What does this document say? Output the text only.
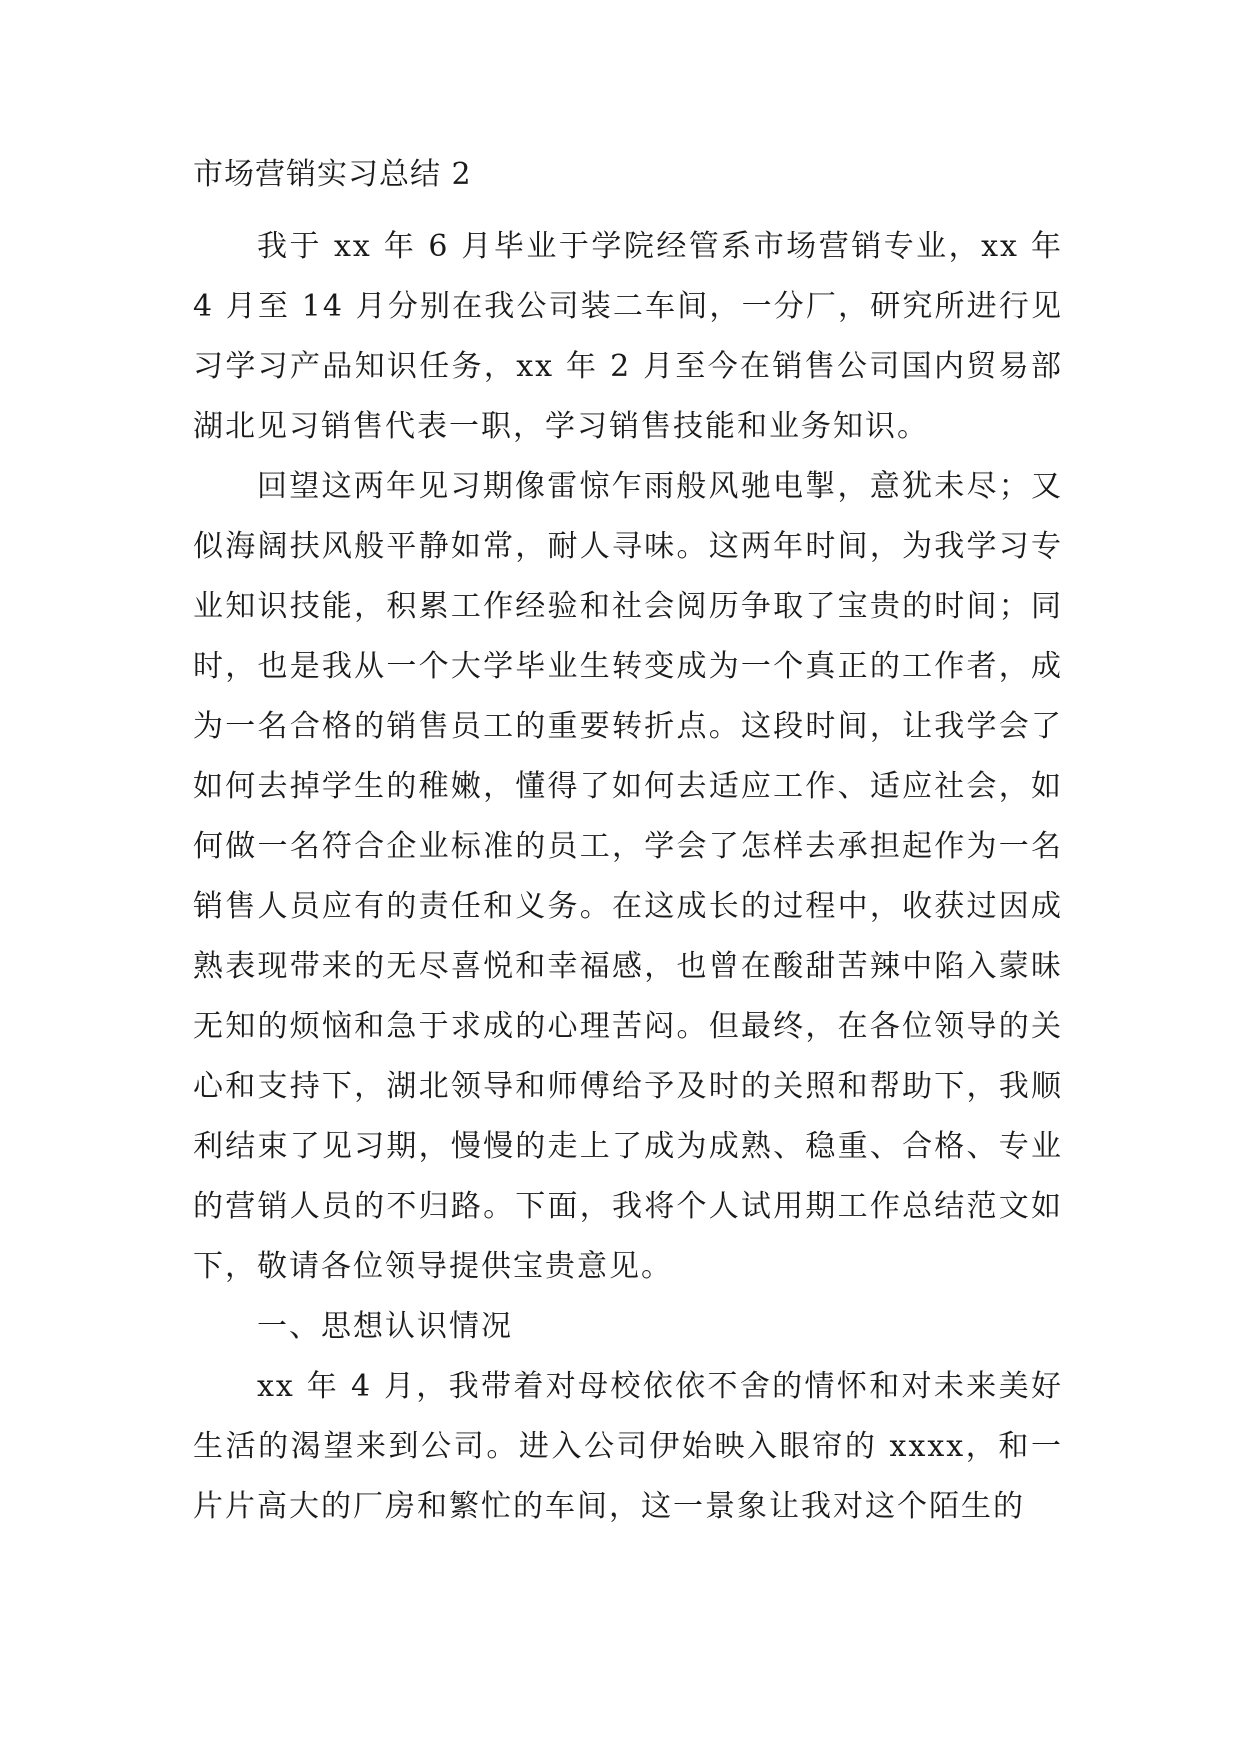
市场营销实习总结 2

我于 xx 年 6 月毕业于学院经管系市场营销专业，xx 年 4 月至 14 月分别在我公司装二车间，一分厂，研究所进行见习学习产品知识任务，xx 年 2 月至今在销售公司国内贸易部湖北见习销售代表一职，学习销售技能和业务知识。

回望这两年见习期像雷惊乍雨般风驰电掣，意犹未尽；又似海阔扶风般平静如常，耐人寻味。这两年时间，为我学习专业知识技能，积累工作经验和社会阅历争取了宝贵的时间；同时，也是我从一个大学毕业生转变成为一个真正的工作者，成为一名合格的销售员工的重要转折点。这段时间，让我学会了如何去掉学生的稚嫩，懂得了如何去适应工作、适应社会，如何做一名符合企业标准的员工，学会了怎样去承担起作为一名销售人员应有的责任和义务。在这成长的过程中，收获过因成熟表现带来的无尽喜悦和幸福感，也曾在酸甜苦辣中陷入蒙昧无知的烦恼和急于求成的心理苦闷。但最终，在各位领导的关心和支持下，湖北领导和师傅给予及时的关照和帮助下，我顺利结束了见习期，慢慢的走上了成为成熟、稳重、合格、专业的营销人员的不归路。下面，我将个人试用期工作总结范文如下，敬请各位领导提供宝贵意见。

一、思想认识情况

xx 年 4 月，我带着对母校依依不舍的情怀和对未来美好生活的渴望来到公司。进入公司伊始映入眼帘的 xxxx，和一片片高大的厂房和繁忙的车间，这一景象让我对这个陌生的
